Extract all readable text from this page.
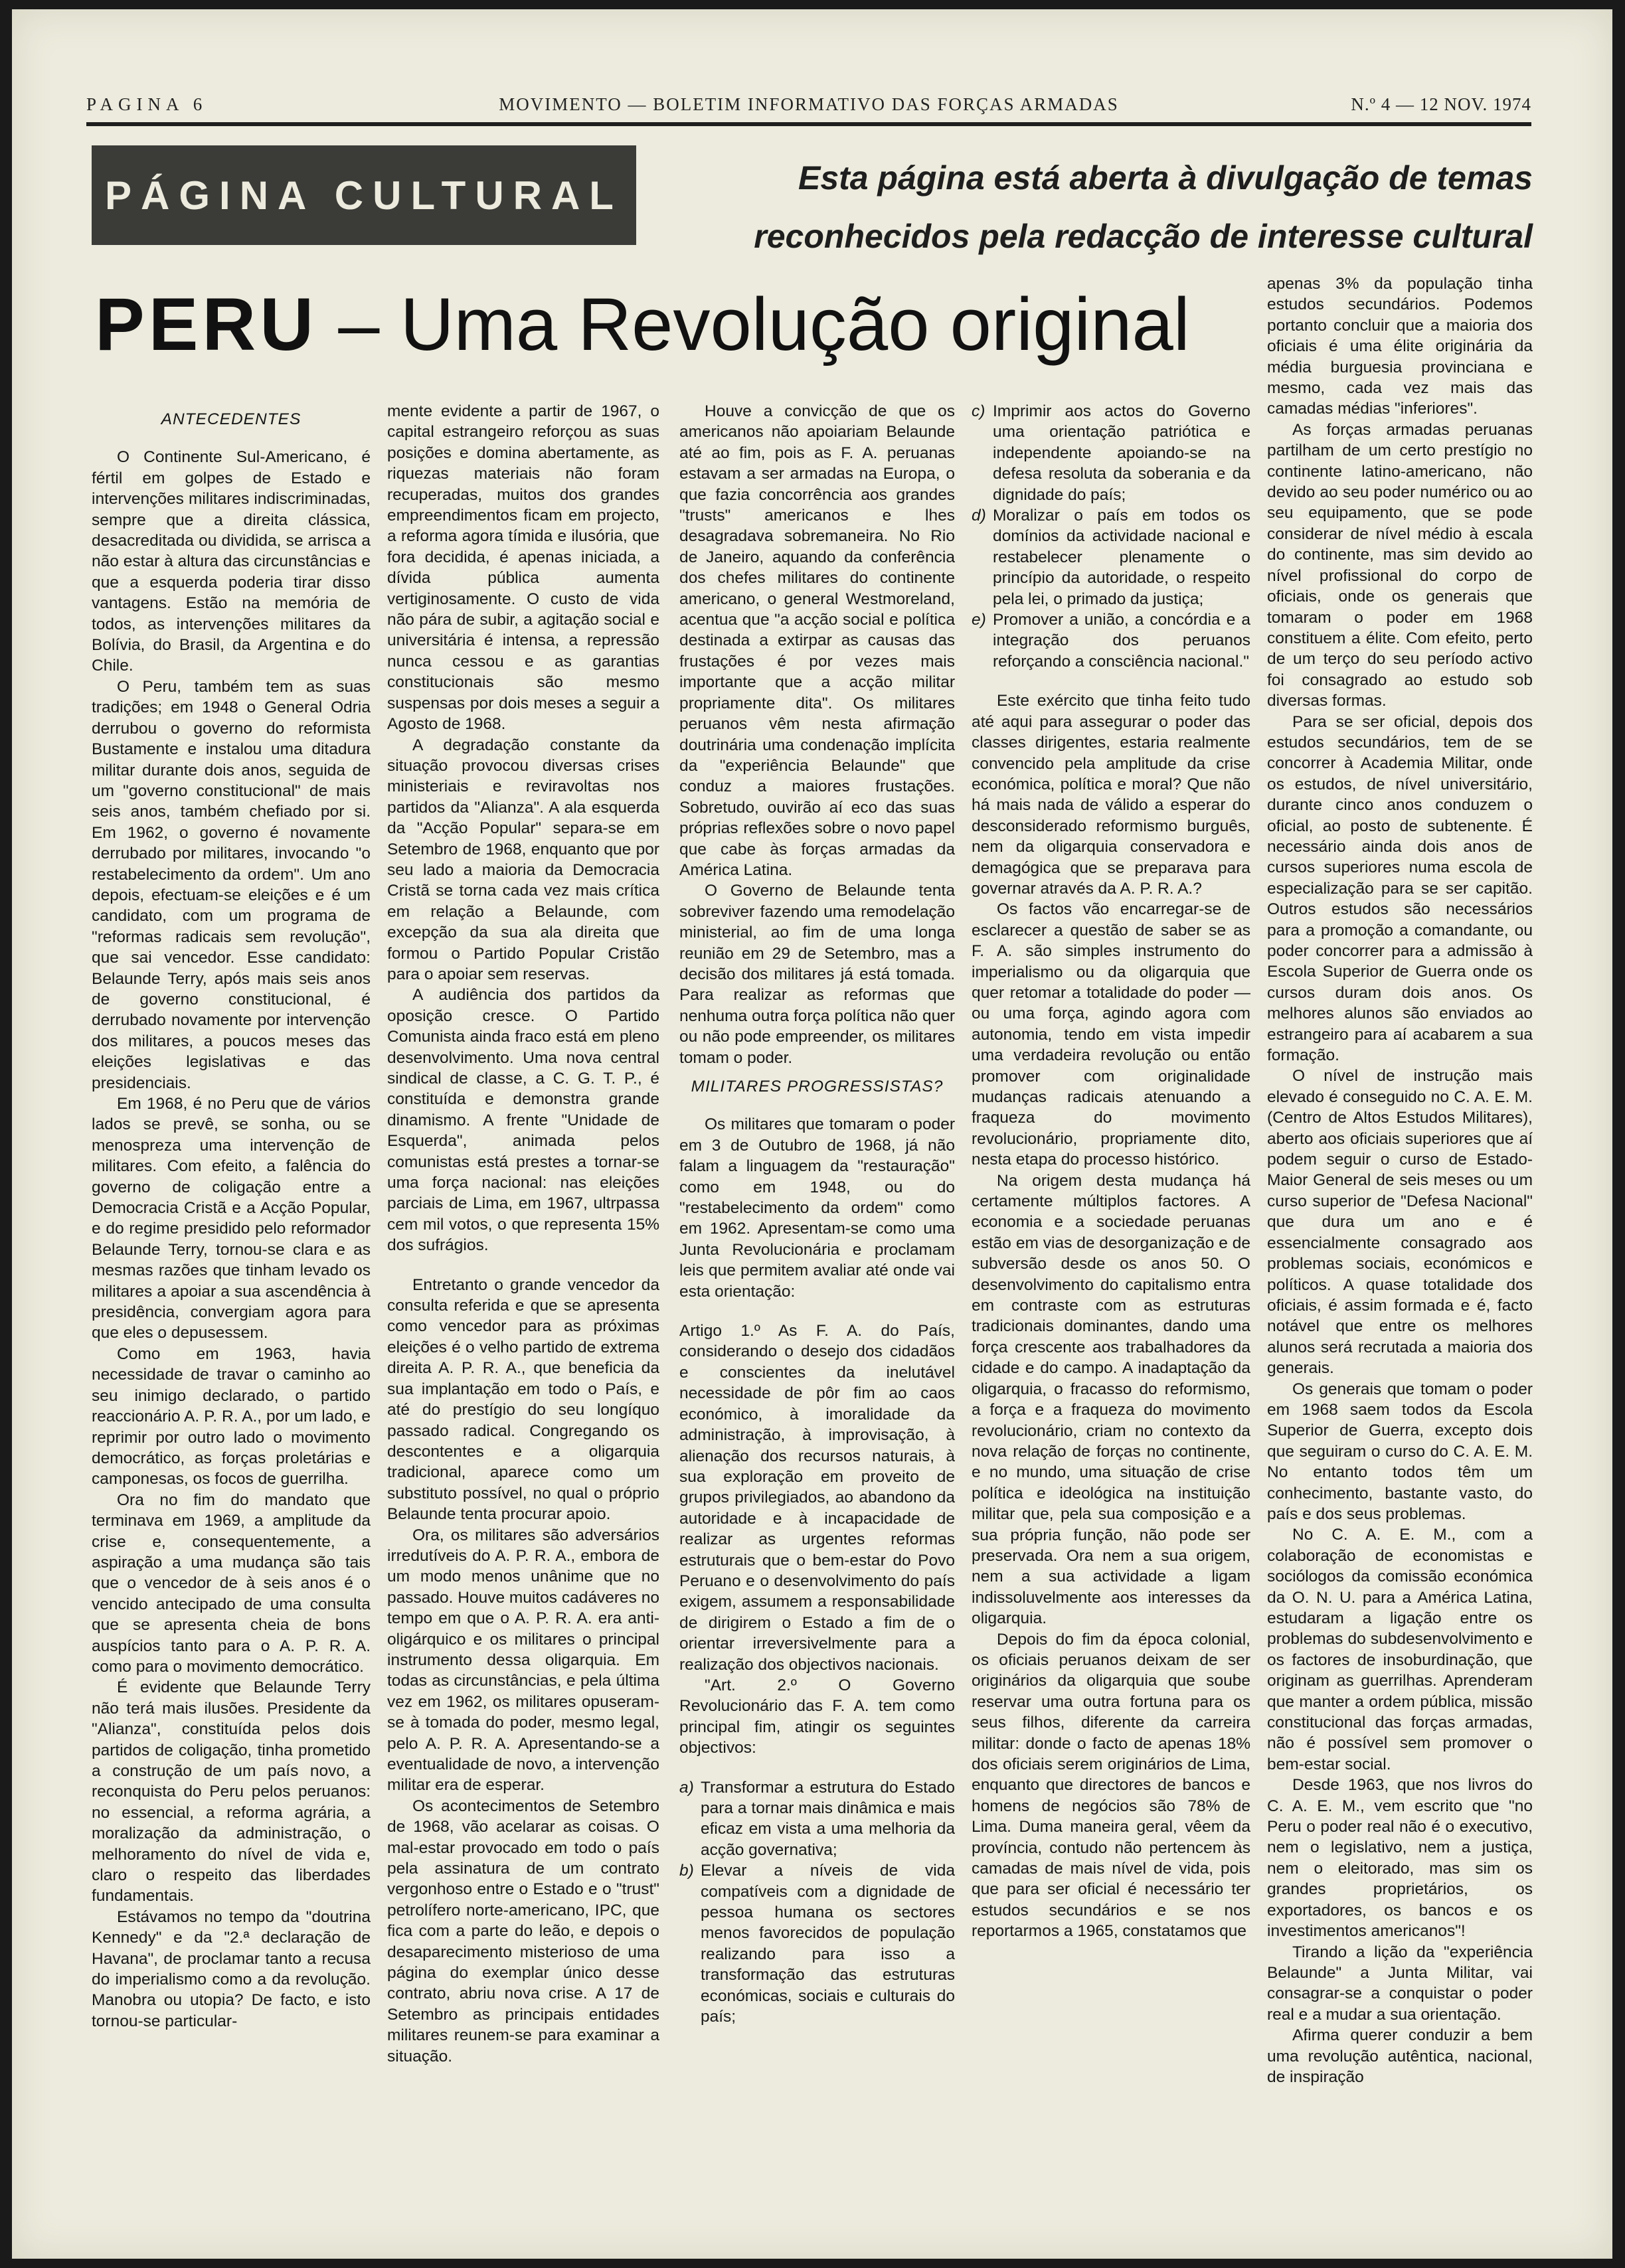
PAGINA 6	MOVIMENTO — BOLETIM INFORMATIVO DAS FORÇAS ARMADAS	N.º 4 — 12 NOV. 1974
PÁGINA CULTURAL	Esta página está aberta à divulgação de temas
reconhecidos pela redacção de interesse cultural
PERU – Uma Revolução original

ANTECEDENTES

O Continente Sul-Americano, é fértil em golpes de Estado e intervenções militares indiscriminadas, sempre que a direita clássica, desacreditada ou dividida, se arrisca a não estar à altura das circunstâncias e que a esquerda poderia tirar disso vantagens. Estão na memória de todos, as intervenções militares da Bolívia, do Brasil, da Argentina e do Chile.

O Peru, também tem as suas tradições; em 1948 o General Odria derrubou o governo do reformista Bustamente e instalou uma ditadura militar durante dois anos, seguida de um "governo constitucional" de mais seis anos, também chefiado por si. Em 1962, o governo é novamente derrubado por militares, invocando "o restabelecimento da ordem". Um ano depois, efectuam-se eleições e é um candidato, com um programa de "reformas radicais sem revolução", que sai vencedor. Esse candidato: Belaunde Terry, após mais seis anos de governo constitucional, é derrubado novamente por intervenção dos militares, a poucos meses das eleições legislativas e das presidenciais.

Em 1968, é no Peru que de vários lados se prevê, se sonha, ou se menospreza uma intervenção de militares. Com efeito, a falência do governo de coligação entre a Democracia Cristã e a Acção Popular, e do regime presidido pelo reformador Belaunde Terry, tornou-se clara e as mesmas razões que tinham levado os militares a apoiar a sua ascendência à presidência, convergiam agora para que eles o depusessem.

Como em 1963, havia necessidade de travar o caminho ao seu inimigo declarado, o partido reaccionário A. P. R. A., por um lado, e reprimir por outro lado o movimento democrático, as forças proletárias e camponesas, os focos de guerrilha.

Ora no fim do mandato que terminava em 1969, a amplitude da crise e, consequentemente, a aspiração a uma mudança são tais que o vencedor de à seis anos é o vencido antecipado de uma consulta que se apresenta cheia de bons auspícios tanto para o A. P. R. A. como para o movimento democrático.

É evidente que Belaunde Terry não terá mais ilusões. Presidente da "Alianza", constituída pelos dois partidos de coligação, tinha prometido a construção de um país novo, a reconquista do Peru pelos peruanos: no essencial, a reforma agrária, a moralização da administração, o melhoramento do nível de vida e, claro o respeito das liberdades fundamentais.

Estávamos no tempo da "doutrina Kennedy" e da "2.ª declaração de Havana", de proclamar tanto a recusa do imperialismo como a da revolução. Manobra ou utopia? De facto, e isto tornou-se particular-

mente evidente a partir de 1967, o capital estrangeiro reforçou as suas posições e domina abertamente, as riquezas materiais não foram recuperadas, muitos dos grandes empreendimentos ficam em projecto, a reforma agora tímida e ilusória, que fora decidida, é apenas iniciada, a dívida pública aumenta vertiginosamente. O custo de vida não pára de subir, a agitação social e universitária é intensa, a repressão nunca cessou e as garantias constitucionais são mesmo suspensas por dois meses a seguir a Agosto de 1968.

A degradação constante da situação provocou diversas crises ministeriais e reviravoltas nos partidos da "Alianza". A ala esquerda da "Acção Popular" separa-se em Setembro de 1968, enquanto que por seu lado a maioria da Democracia Cristã se torna cada vez mais crítica em relação a Belaunde, com excepção da sua ala direita que formou o Partido Popular Cristão para o apoiar sem reservas.

A audiência dos partidos da oposição cresce. O Partido Comunista ainda fraco está em pleno desenvolvimento. Uma nova central sindical de classe, a C. G. T. P., é constituída e demonstra grande dinamismo. A frente "Unidade de Esquerda", animada pelos comunistas está prestes a tornar-se uma força nacional: nas eleições parciais de Lima, em 1967, ultrpassa cem mil votos, o que representa 15% dos sufrágios.

Entretanto o grande vencedor da consulta referida e que se apresenta como vencedor para as próximas eleições é o velho partido de extrema direita A. P. R. A., que beneficia da sua implantação em todo o País, e até do prestígio do seu longíquo passado radical. Congregando os descontentes e a oligarquia tradicional, aparece como um substituto possível, no qual o próprio Belaunde tenta procurar apoio.

Ora, os militares são adversários irredutíveis do A. P. R. A., embora de um modo menos unânime que no passado. Houve muitos cadáveres no tempo em que o A. P. R. A. era anti-oligárquico e os militares o principal instrumento dessa oligarquia. Em todas as circunstâncias, e pela última vez em 1962, os militares opuseram-se à tomada do poder, mesmo legal, pelo A. P. R. A. Apresentando-se a eventualidade de novo, a intervenção militar era de esperar.

Os acontecimentos de Setembro de 1968, vão acelarar as coisas. O mal-estar provocado em todo o país pela assinatura de um contrato vergonhoso entre o Estado e o "trust" petrolífero norte-americano, IPC, que fica com a parte do leão, e depois o desaparecimento misterioso de uma página do exemplar único desse contrato, abriu nova crise. A 17 de Setembro as principais entidades militares reunem-se para examinar a situação.

Houve a convicção de que os americanos não apoiariam Belaunde até ao fim, pois as F. A. peruanas estavam a ser armadas na Europa, o que fazia concorrência aos grandes "trusts" americanos e lhes desagradava sobremaneira. No Rio de Janeiro, aquando da conferência dos chefes militares do continente americano, o general Westmoreland, acentua que "a acção social e política destinada a extirpar as causas das frustações é por vezes mais importante que a acção militar propriamente dita". Os militares peruanos vêm nesta afirmação doutrinária uma condenação implícita da "experiência Belaunde" que conduz a maiores frustações. Sobretudo, ouvirão aí eco das suas próprias reflexões sobre o novo papel que cabe às forças armadas da América Latina.

O Governo de Belaunde tenta sobreviver fazendo uma remodelação ministerial, ao fim de uma longa reunião em 29 de Setembro, mas a decisão dos militares já está tomada. Para realizar as reformas que nenhuma outra força política não quer ou não pode empreender, os militares tomam o poder.

MILITARES PROGRESSISTAS?

Os militares que tomaram o poder em 3 de Outubro de 1968, já não falam a linguagem da "restauração" como em 1948, ou do "restabelecimento da ordem" como em 1962. Apresentam-se como uma Junta Revolucionária e proclamam leis que permitem avaliar até onde vai esta orientação:

Artigo 1.º As F. A. do País, considerando o desejo dos cidadãos e conscientes da inelutável necessidade de pôr fim ao caos económico, à imoralidade da administração, à improvisação, à alienação dos recursos naturais, à sua exploração em proveito de grupos privilegiados, ao abandono da autoridade e à incapacidade de realizar as urgentes reformas estruturais que o bem-estar do Povo Peruano e o desenvolvimento do país exigem, assumem a responsabilidade de dirigirem o Estado a fim de o orientar irreversivelmente para a realização dos objectivos nacionais.

"Art. 2.º O Governo Revolucionário das F. A. tem como principal fim, atingir os seguintes objectivos:

a) Transformar a estrutura do Estado para a tornar mais dinâmica e mais eficaz em vista a uma melhoria da acção governativa;

b) Elevar a níveis de vida compatíveis com a dignidade de pessoa humana os sectores menos favorecidos de população realizando para isso a transformação das estruturas económicas, sociais e culturais do país;

c) Imprimir aos actos do Governo uma orientação patriótica e independente apoiando-se na defesa resoluta da soberania e da dignidade do país;

d) Moralizar o país em todos os domínios da actividade nacional e restabelecer plenamente o princípio da autoridade, o respeito pela lei, o primado da justiça;

e) Promover a união, a concórdia e a integração dos peruanos reforçando a consciência nacional."

Este exército que tinha feito tudo até aqui para assegurar o poder das classes dirigentes, estaria realmente convencido pela amplitude da crise económica, política e moral? Que não há mais nada de válido a esperar do desconsiderado reformismo burguês, nem da oligarquia conservadora e demagógica que se preparava para governar através da A. P. R. A.?

Os factos vão encarregar-se de esclarecer a questão de saber se as F. A. são simples instrumento do imperialismo ou da oligarquia que quer retomar a totalidade do poder — ou uma força, agindo agora com autonomia, tendo em vista impedir uma verdadeira revolução ou então promover com originalidade mudanças radicais atenuando a fraqueza do movimento revolucionário, propriamente dito, nesta etapa do processo histórico.

Na origem desta mudança há certamente múltiplos factores. A economia e a sociedade peruanas estão em vias de desorganização e de subversão desde os anos 50. O desenvolvimento do capitalismo entra em contraste com as estruturas tradicionais dominantes, dando uma força crescente aos trabalhadores da cidade e do campo. A inadaptação da oligarquia, o fracasso do reformismo, a força e a fraqueza do movimento revolucionário, criam no contexto da nova relação de forças no continente, e no mundo, uma situação de crise política e ideológica na instituição militar que, pela sua composição e a sua própria função, não pode ser preservada. Ora nem a sua origem, nem a sua actividade a ligam indissoluvelmente aos interesses da oligarquia.

Depois do fim da época colonial, os oficiais peruanos deixam de ser originários da oligarquia que soube reservar uma outra fortuna para os seus filhos, diferente da carreira militar: donde o facto de apenas 18% dos oficiais serem originários de Lima, enquanto que directores de bancos e homens de negócios são 78% de Lima. Duma maneira geral, vêem da província, contudo não pertencem às camadas de mais nível de vida, pois que para ser oficial é necessário ter estudos secundários e se nos reportarmos a 1965, constatamos que

apenas 3% da população tinha estudos secundários. Podemos portanto concluir que a maioria dos oficiais é uma élite originária da média burguesia provinciana e mesmo, cada vez mais das camadas médias "inferiores".

As forças armadas peruanas partilham de um certo prestígio no continente latino-americano, não devido ao seu poder numérico ou ao seu equipamento, que se pode considerar de nível médio à escala do continente, mas sim devido ao nível profissional do corpo de oficiais, onde os generais que tomaram o poder em 1968 constituem a élite. Com efeito, perto de um terço do seu período activo foi consagrado ao estudo sob diversas formas.

Para se ser oficial, depois dos estudos secundários, tem de se concorrer à Academia Militar, onde os estudos, de nível universitário, durante cinco anos conduzem o oficial, ao posto de subtenente. É necessário ainda dois anos de cursos superiores numa escola de especialização para se ser capitão. Outros estudos são necessários para a promoção a comandante, ou poder concorrer para a admissão à Escola Superior de Guerra onde os cursos duram dois anos. Os melhores alunos são enviados ao estrangeiro para aí acabarem a sua formação.

O nível de instrução mais elevado é conseguido no C. A. E. M. (Centro de Altos Estudos Militares), aberto aos oficiais superiores que aí podem seguir o curso de Estado-Maior General de seis meses ou um curso superior de "Defesa Nacional" que dura um ano e é essencialmente consagrado aos problemas sociais, económicos e políticos. A quase totalidade dos oficiais, é assim formada e é, facto notável que entre os melhores alunos será recrutada a maioria dos generais.

Os generais que tomam o poder em 1968 saem todos da Escola Superior de Guerra, excepto dois que seguiram o curso do C. A. E. M. No entanto todos têm um conhecimento, bastante vasto, do país e dos seus problemas.

No C. A. E. M., com a colaboração de economistas e sociólogos da comissão económica da O. N. U. para a América Latina, estudaram a ligação entre os problemas do subdesenvolvimento e os factores de insoburdinação, que originam as guerrilhas. Aprenderam que manter a ordem pública, missão constitucional das forças armadas, não é possível sem promover o bem-estar social.

Desde 1963, que nos livros do C. A. E. M., vem escrito que "no Peru o poder real não é o executivo, nem o legislativo, nem a justiça, nem o eleitorado, mas sim os grandes proprietários, os exportadores, os bancos e os investimentos americanos"!

Tirando a lição da "experiência Belaunde" a Junta Militar, vai consagrar-se a conquistar o poder real e a mudar a sua orientação.

Afirma querer conduzir a bem uma revolução autêntica, nacional, de inspiração
